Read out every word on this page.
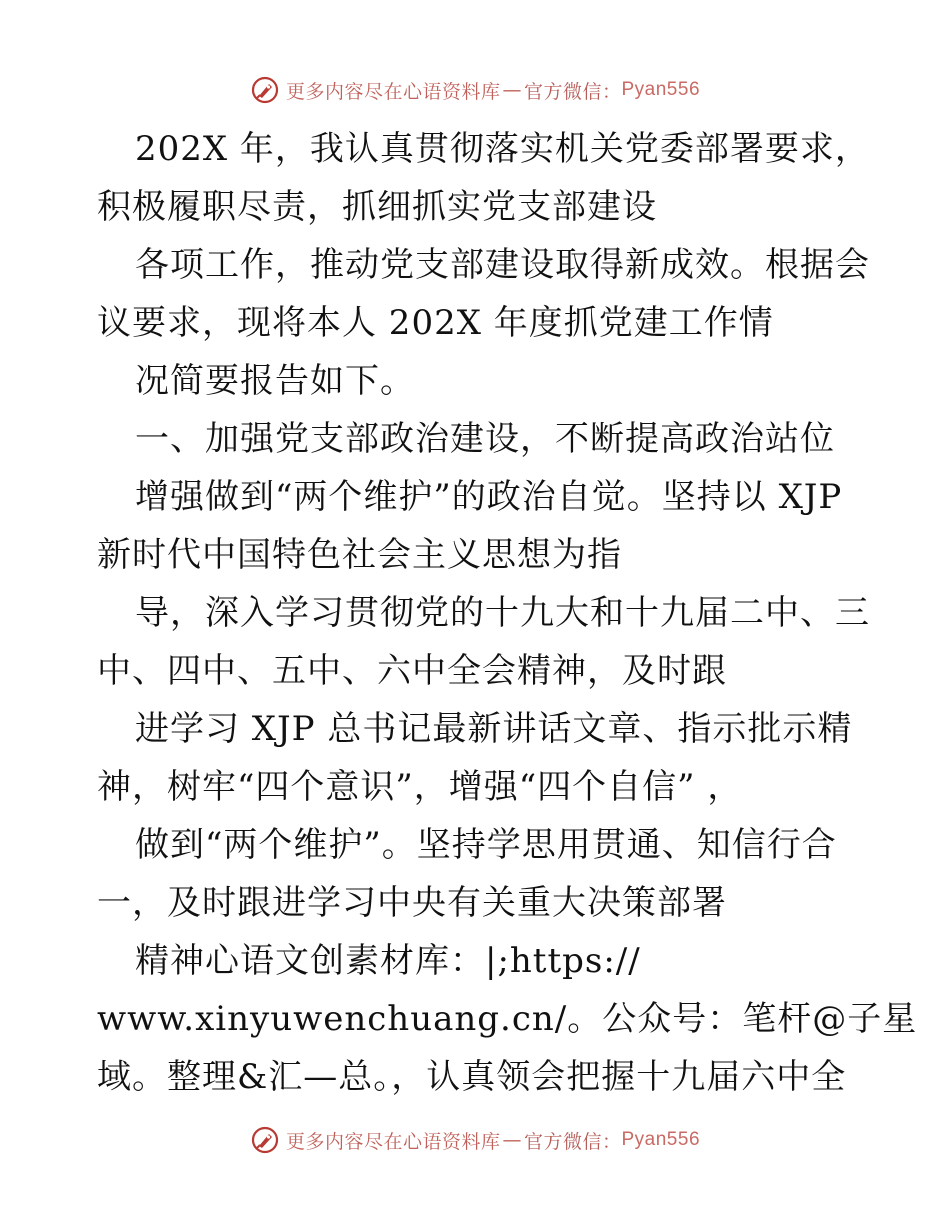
更多内容尽在心语资料库 — 官方微信： Pyan556
202X 年，我认真贯彻落实机关党委部署要求，
积极履职尽责，抓细抓实党支部建设
各项工作，推动党支部建设取得新成效。根据会
议要求，现将本人 202X 年度抓党建工作情
况简要报告如下。
一、加强党支部政治建设，不断提高政治站位
增强做到“两个维护”的政治自觉。坚持以 XJP
新时代中国特色社会主义思想为指
导，深入学习贯彻党的十九大和十九届二中、三
中、四中、五中、六中全会精神，及时跟
进学习 XJP 总书记最新讲话文章、指示批示精
神，树牢“四个意识”，增强“四个自信” ，
做到“两个维护”。坚持学思用贯通、知信行合
一，及时跟进学习中央有关重大决策部署
精神心语文创素材库：|;https://
www.xinyuwenchuang.cn/。公众号：笔杆@子星
域。整理&汇—总。，认真领会把握十九届六中全
更多内容尽在心语资料库 — 官方微信： Pyan556
